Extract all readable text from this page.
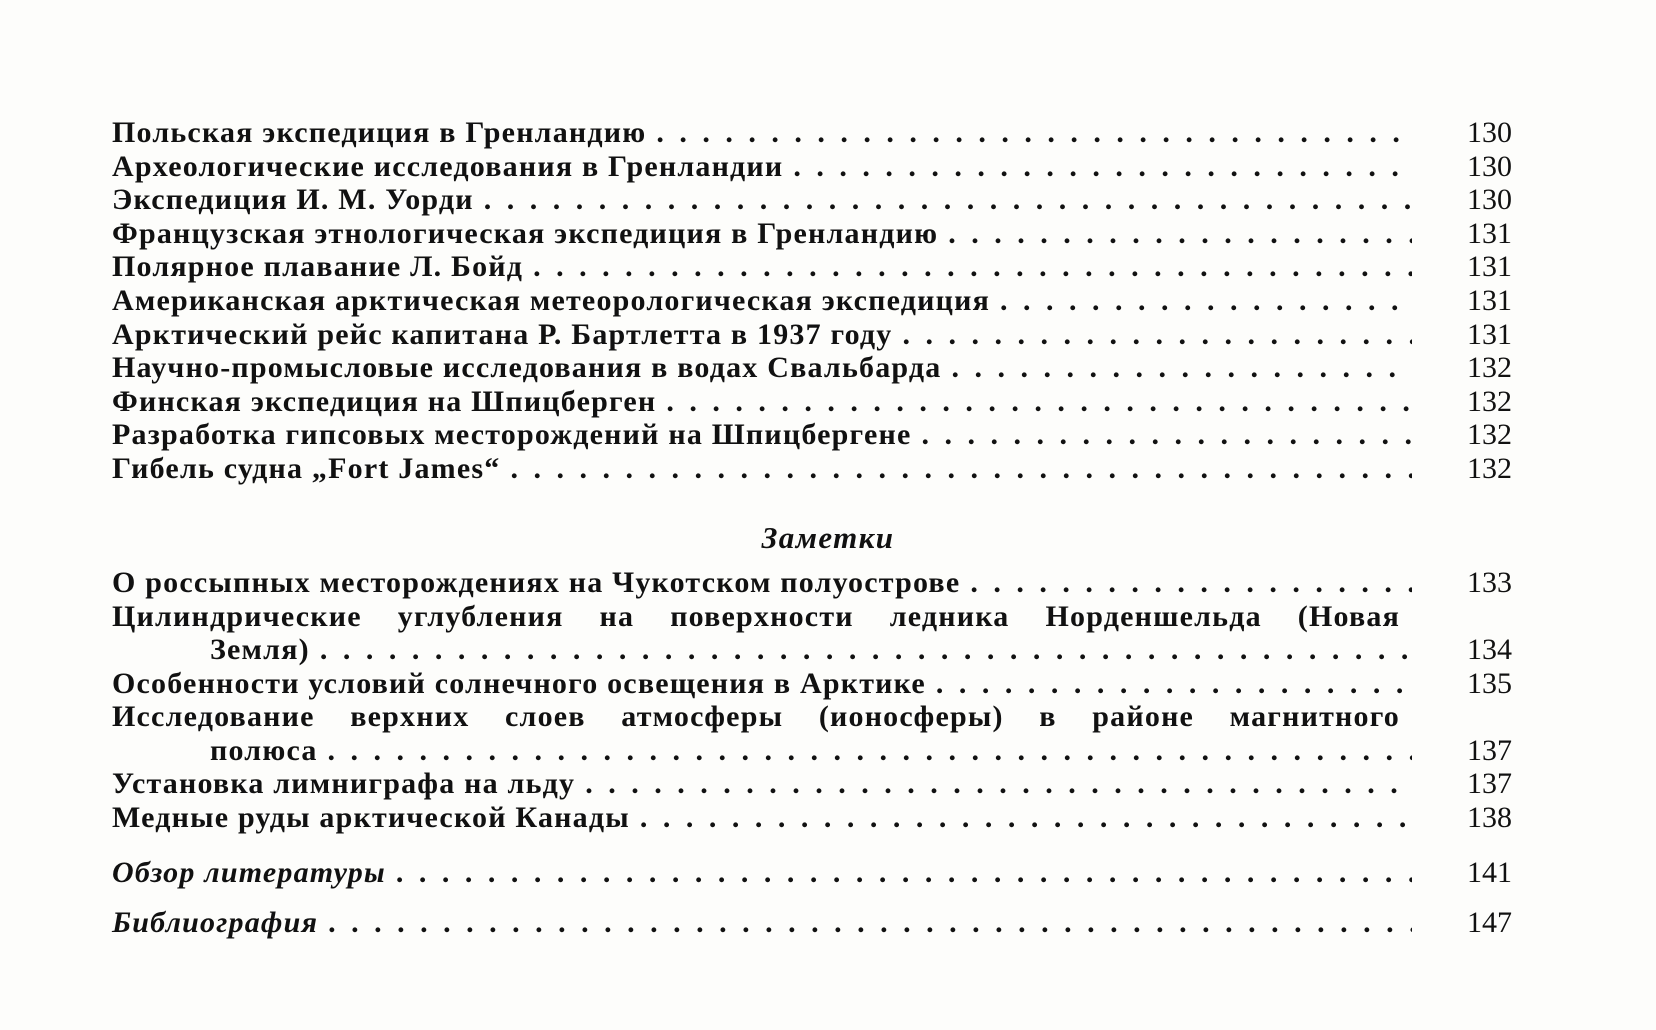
Польская экспедиция в Гренландию . . .	130
Археологические исследования в Гренландии . . .	130
Экспедиция И. М. Уорди . . .	130
Французская этнологическая экспедиция в Гренландию . . .	131
Полярное плавание Л. Бойд . . .	131
Американская арктическая метеорологическая экспедиция . . .	131
Арктический рейс капитана Р. Бартлетта в 1937 году . . .	131
Научно-промысловые исследования в водах Свальбарда . . .	132
Финская экспедиция на Шпицберген . . .	132
Разработка гипсовых месторождений на Шпицбергене . . .	132
Гибель судна „Fort James“ . . .	132
Заметки
О россыпных месторождениях на Чукотском полуострове . . .	133
Цилиндрические углубления на поверхности ледника Норденшельда (Новая
Земля) . . .	134
Особенности условий солнечного освещения в Арктике . . .	135
Исследование верхних слоев атмосферы (ионосферы) в районе магнитного
полюса . . .	137
Установка лимниграфа на льду . . .	137
Медные руды арктической Канады . . .	138
Обзор литературы . . .	141
Библиография . . .	147
